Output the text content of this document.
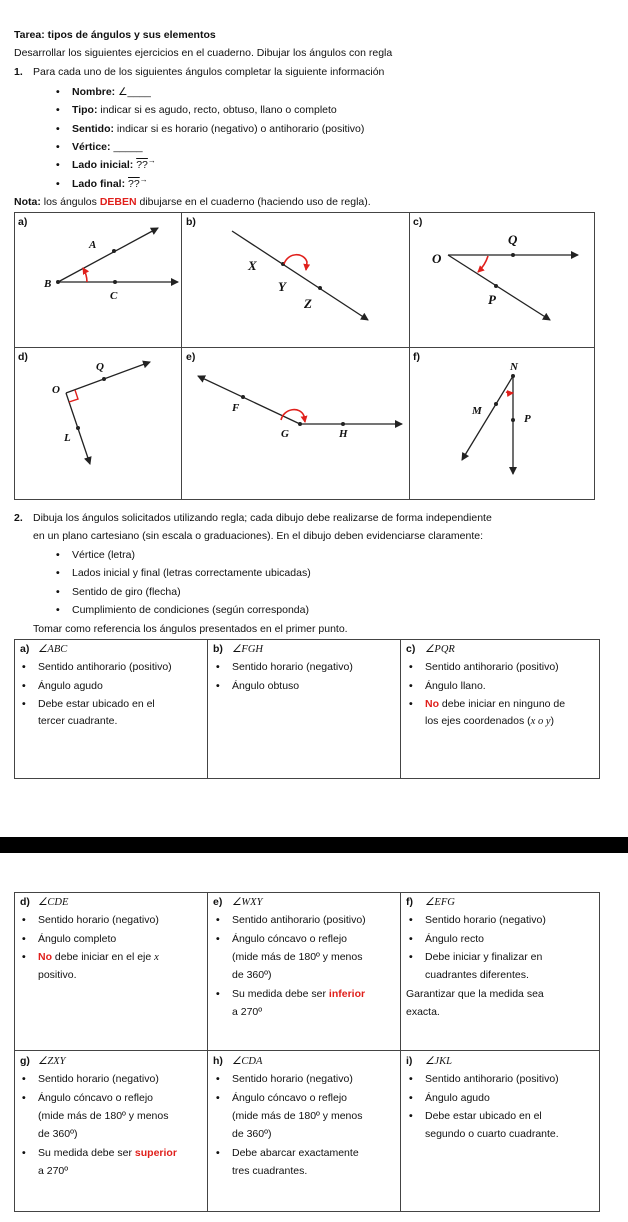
Tarea: tipos de ángulos y sus elementos
Desarrollar los siguientes ejercicios en el cuaderno. Dibujar los ángulos con regla
1. Para cada uno de los siguientes ángulos completar la siguiente información
• Nombre: ∠____
• Tipo: indicar si es agudo, recto, obtuso, llano o completo
• Sentido: indicar si es horario (negativo) o antihorario (positivo)
• Vértice: _____
• Lado inicial: ??→
• Lado final: ??→
Nota: los ángulos DEBEN dibujarse en el cuaderno (haciendo uso de regla).
a)
A
B
C
b)
X
Y
Z
c)
Q
O
P
d)
Q
O
L
e)
F
G	H
f)
N
M
P
2. Dibuja los ángulos solicitados utilizando regla; cada dibujo debe realizarse de forma independiente
en un plano cartesiano (sin escala o graduaciones). En el dibujo deben evidenciarse claramente:
• Vértice (letra)
• Lados inicial y final (letras correctamente ubicadas)
• Sentido de giro (flecha)
• Cumplimiento de condiciones (según corresponda)
Tomar como referencia los ángulos presentados en el primer punto.
a) ∠ABC
• Sentido antihorario (positivo)
• Ángulo agudo
• Debe estar ubicado en el
tercer cuadrante.
b) ∠FGH
• Sentido horario (negativo)
• Ángulo obtuso
c) ∠PQR
• Sentido antihorario (positivo)
• Ángulo llano.
• No debe iniciar en ninguno de
los ejes coordenados (x o y)
d) ∠CDE
• Sentido horario (negativo)
• Ángulo completo
• No debe iniciar en el eje x
positivo.
e) ∠WXY
• Sentido antihorario (positivo)
• Ángulo cóncavo o reflejo
(mide más de 180º y menos
de 360º)
• Su medida debe ser inferior
a 270º
f) ∠EFG
• Sentido horario (negativo)
• Ángulo recto
• Debe iniciar y finalizar en
cuadrantes diferentes.
Garantizar que la medida sea
exacta.
g) ∠ZXY
• Sentido horario (negativo)
• Ángulo cóncavo o reflejo
(mide más de 180º y menos
de 360º)
• Su medida debe ser superior
a 270º
h) ∠CDA
• Sentido horario (negativo)
• Ángulo cóncavo o reflejo
(mide más de 180º y menos
de 360º)
• Debe abarcar exactamente
tres cuadrantes.
i) ∠JKL
• Sentido antihorario (positivo)
• Ángulo agudo
• Debe estar ubicado en el
segundo o cuarto cuadrante.
